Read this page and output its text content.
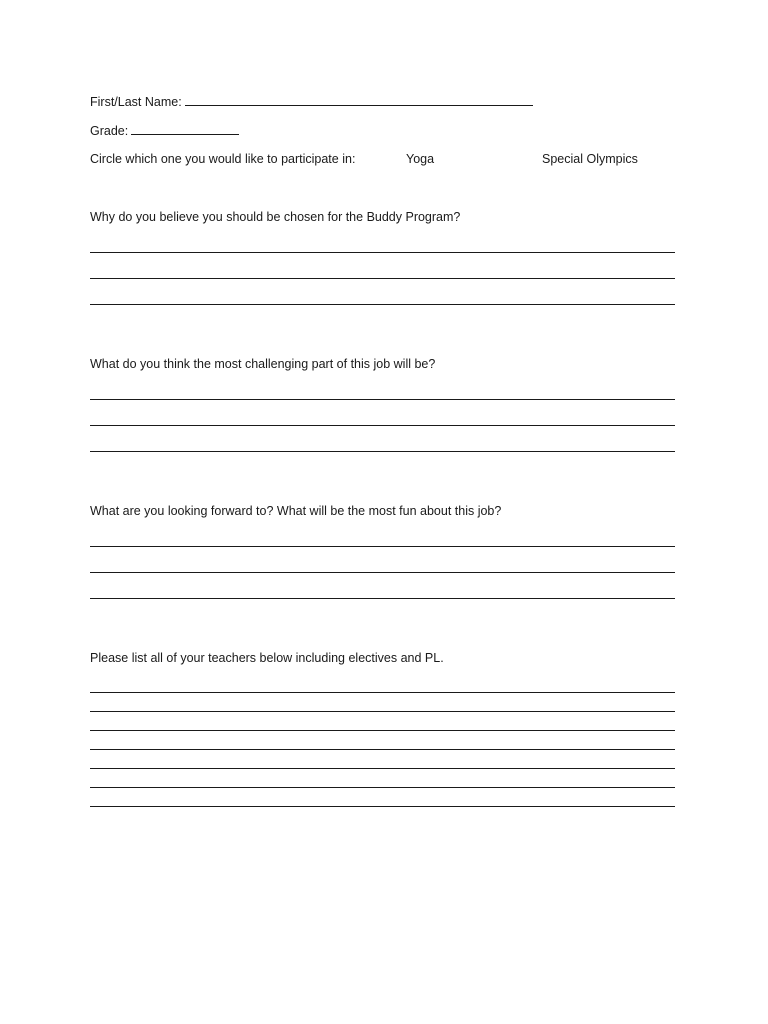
First/Last Name:
Grade:
Circle which one you would like to participate in:	Yoga	Special Olympics
Why do you believe you should be chosen for the Buddy Program?
What do you think the most challenging part of this job will be?
What are you looking forward to? What will be the most fun about this job?
Please list all of your teachers below including electives and PL.
